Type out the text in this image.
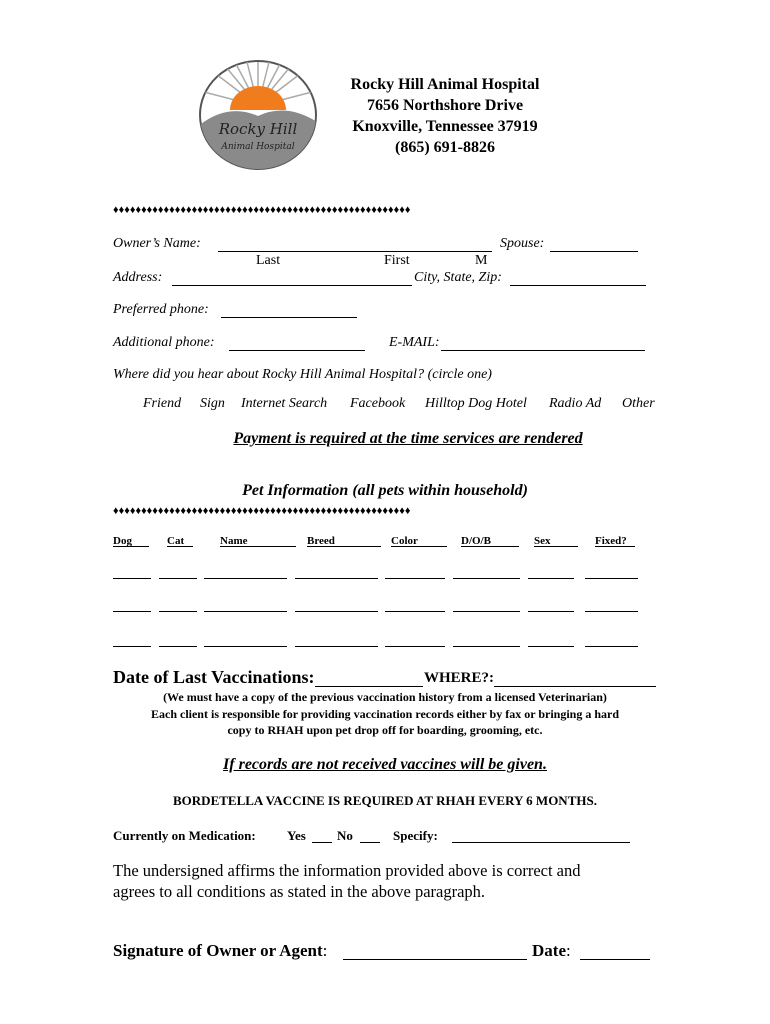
Rocky Hill
Animal Hospital
Rocky Hill Animal Hospital
7656 Northshore Drive
Knoxville, Tennessee 37919
(865) 691-8826
♦♦♦♦♦♦♦♦♦♦♦♦♦♦♦♦♦♦♦♦♦♦♦♦♦♦♦♦♦♦♦♦♦♦♦♦♦♦♦♦♦♦♦♦♦♦♦♦♦♦♦♦♦
Owner’s Name:	Spouse:
Last	First	M
Address:	City, State, Zip:
Preferred phone:
Additional phone:	E-MAIL:
Where did you hear about Rocky Hill Animal Hospital? (circle one)
Friend Sign Internet Search Facebook Hilltop Dog Hotel Radio Ad Other
Payment is required at the time services are rendered
Pet Information (all pets within household)
♦♦♦♦♦♦♦♦♦♦♦♦♦♦♦♦♦♦♦♦♦♦♦♦♦♦♦♦♦♦♦♦♦♦♦♦♦♦♦♦♦♦♦♦♦♦♦♦♦♦♦♦♦
Dog	Cat	Name	Breed	Color	D/O/B	Sex	Fixed?
Date of Last Vaccinations:	WHERE?:
(We must have a copy of the previous vaccination history from a licensed Veterinarian)
Each client is responsible for providing vaccination records either by fax or bringing a hard
copy to RHAH upon pet drop off for boarding, grooming, etc.
If records are not received vaccines will be given.
BORDETELLA VACCINE IS REQUIRED AT RHAH EVERY 6 MONTHS.
Currently on Medication: Yes No	Specify:
The undersigned affirms the information provided above is correct and
agrees to all conditions as stated in the above paragraph.
Signature of Owner or Agent:	Date:
